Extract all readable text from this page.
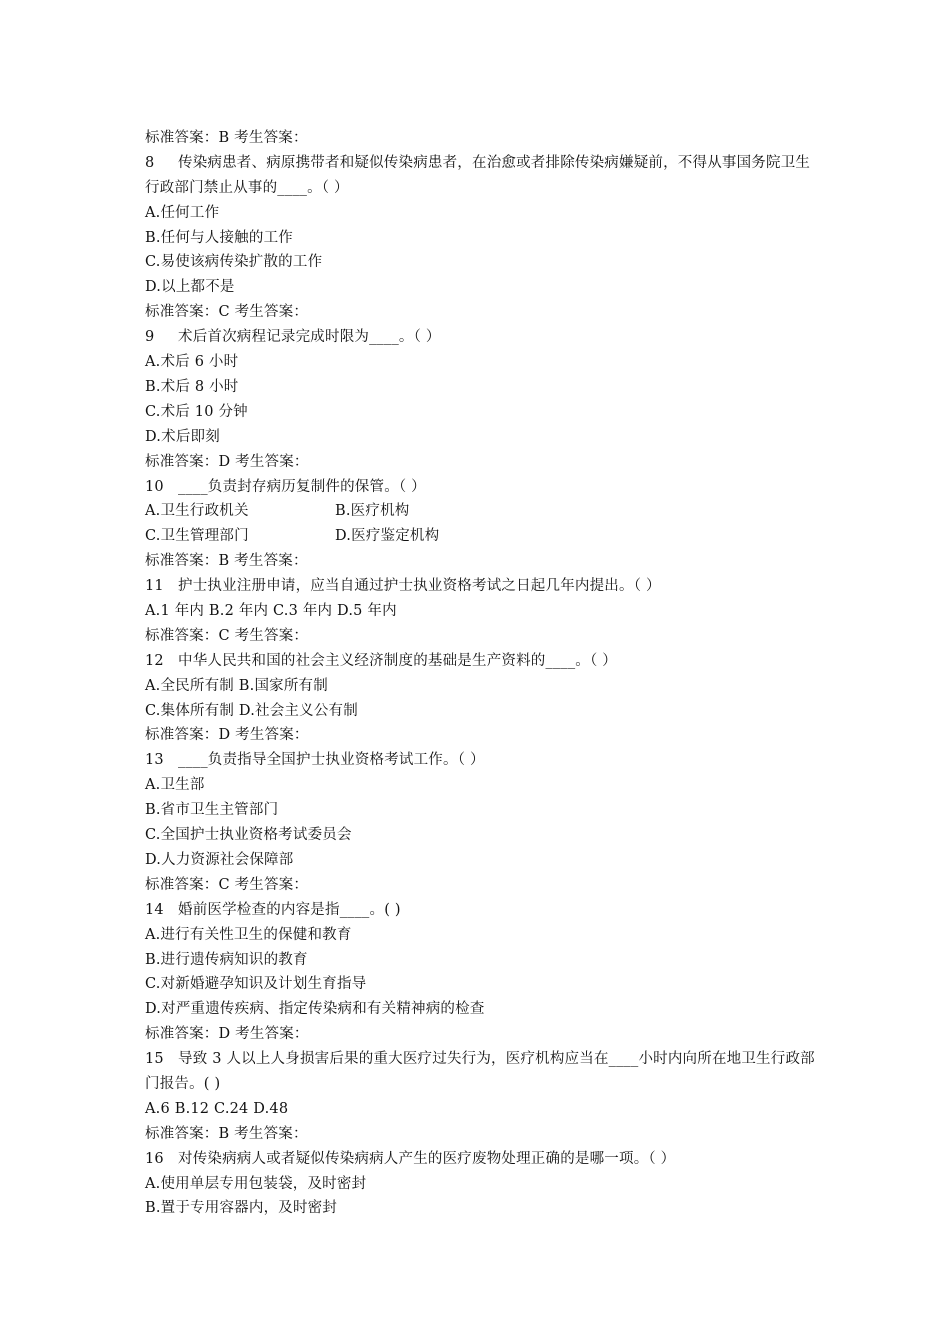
标准答案：B 考生答案：
8 传染病患者、病原携带者和疑似传染病患者，在治愈或者排除传染病嫌疑前，不得从事国务院卫生行政部门禁止从事的____。（ ）
A.任何工作
B.任何与人接触的工作
C.易使该病传染扩散的工作
D.以上都不是
标准答案：C 考生答案：
9 术后首次病程记录完成时限为____。（ ）
A.术后 6 小时
B.术后 8 小时
C.术后 10 分钟
D.术后即刻
标准答案：D 考生答案：
10 ____负责封存病历复制件的保管。（ ）
A.卫生行政机关	B.医疗机构
C.卫生管理部门	D.医疗鉴定机构
标准答案：B 考生答案：
11 护士执业注册申请，应当自通过护士执业资格考试之日起几年内提出。（ ）
A.1 年内 B.2 年内 C.3 年内 D.5 年内
标准答案：C 考生答案：
12 中华人民共和国的社会主义经济制度的基础是生产资料的____。（ ）
A.全民所有制 B.国家所有制
C.集体所有制 D.社会主义公有制
标准答案：D 考生答案：
13 ____负责指导全国护士执业资格考试工作。（ ）
A.卫生部
B.省市卫生主管部门
C.全国护士执业资格考试委员会
D.人力资源社会保障部
标准答案：C 考生答案：
14 婚前医学检查的内容是指____。( )
A.进行有关性卫生的保健和教育
B.进行遗传病知识的教育
C.对新婚避孕知识及计划生育指导
D.对严重遗传疾病、指定传染病和有关精神病的检查
标准答案：D 考生答案：
15 导致 3 人以上人身损害后果的重大医疗过失行为，医疗机构应当在____小时内向所在地卫生行政部门报告。( )
A.6 B.12 C.24 D.48
标准答案：B 考生答案：
16 对传染病病人或者疑似传染病病人产生的医疗废物处理正确的是哪一项。（ ）
A.使用单层专用包装袋，及时密封
B.置于专用容器内，及时密封
